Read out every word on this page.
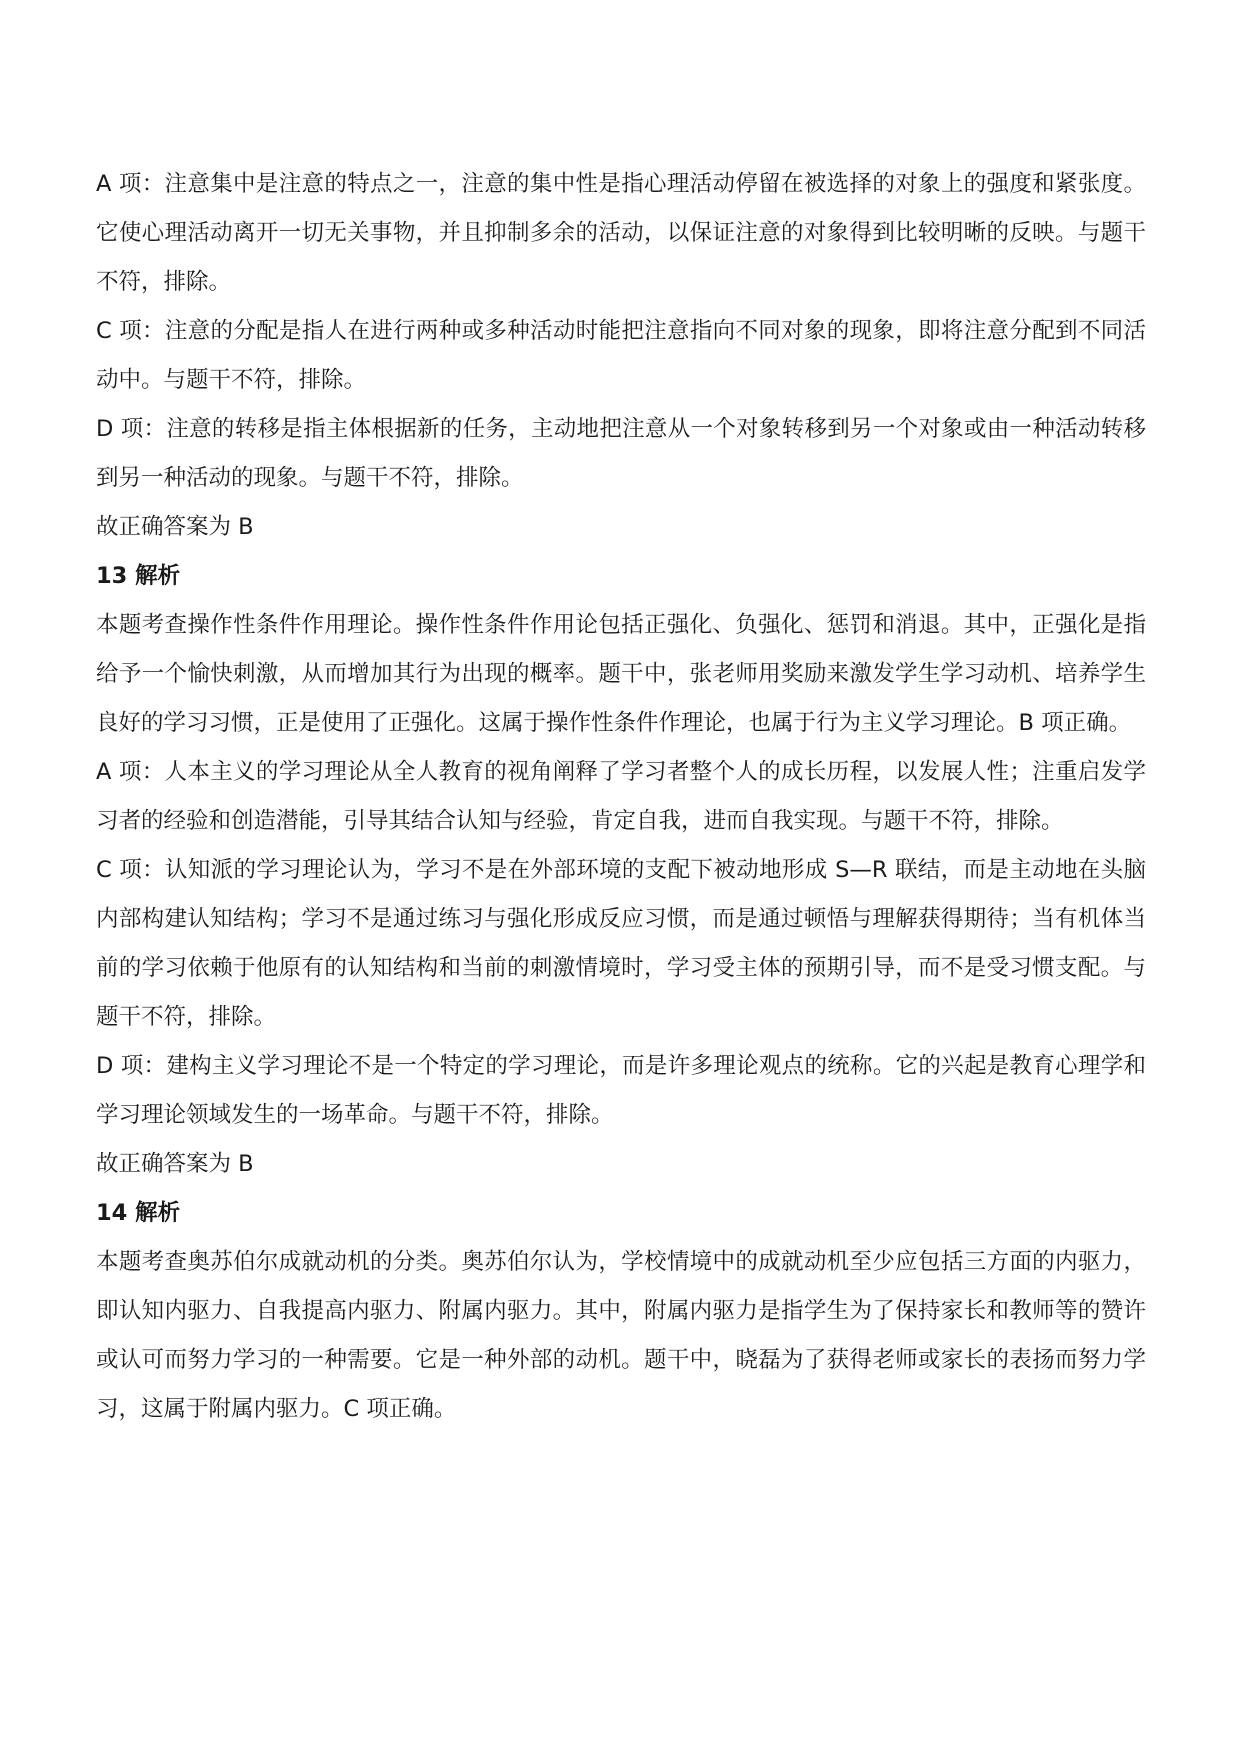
A 项：注意集中是注意的特点之一，注意的集中性是指心理活动停留在被选择的对象上的强度和紧张度。它使心理活动离开一切无关事物，并且抑制多余的活动，以保证注意的对象得到比较明晰的反映。与题干不符，排除。

C 项：注意的分配是指人在进行两种或多种活动时能把注意指向不同对象的现象，即将注意分配到不同活动中。与题干不符，排除。

D 项：注意的转移是指主体根据新的任务，主动地把注意从一个对象转移到另一个对象或由一种活动转移到另一种活动的现象。与题干不符，排除。

故正确答案为 B

13 解析

本题考查操作性条件作用理论。操作性条件作用论包括正强化、负强化、惩罚和消退。其中，正强化是指给予一个愉快刺激，从而增加其行为出现的概率。题干中，张老师用奖励来激发学生学习动机、培养学生良好的学习习惯，正是使用了正强化。这属于操作性条件作理论，也属于行为主义学习理论。B 项正确。

A 项：人本主义的学习理论从全人教育的视角阐释了学习者整个人的成长历程，以发展人性；注重启发学习者的经验和创造潜能，引导其结合认知与经验，肯定自我，进而自我实现。与题干不符，排除。

C 项：认知派的学习理论认为，学习不是在外部环境的支配下被动地形成 S—R 联结，而是主动地在头脑内部构建认知结构；学习不是通过练习与强化形成反应习惯，而是通过顿悟与理解获得期待；当有机体当前的学习依赖于他原有的认知结构和当前的刺激情境时，学习受主体的预期引导，而不是受习惯支配。与题干不符，排除。

D 项：建构主义学习理论不是一个特定的学习理论，而是许多理论观点的统称。它的兴起是教育心理学和学习理论领域发生的一场革命。与题干不符，排除。

故正确答案为 B

14 解析

本题考查奥苏伯尔成就动机的分类。奥苏伯尔认为，学校情境中的成就动机至少应包括三方面的内驱力，即认知内驱力、自我提高内驱力、附属内驱力。其中，附属内驱力是指学生为了保持家长和教师等的赞许或认可而努力学习的一种需要。它是一种外部的动机。题干中，晓磊为了获得老师或家长的表扬而努力学习，这属于附属内驱力。C 项正确。
